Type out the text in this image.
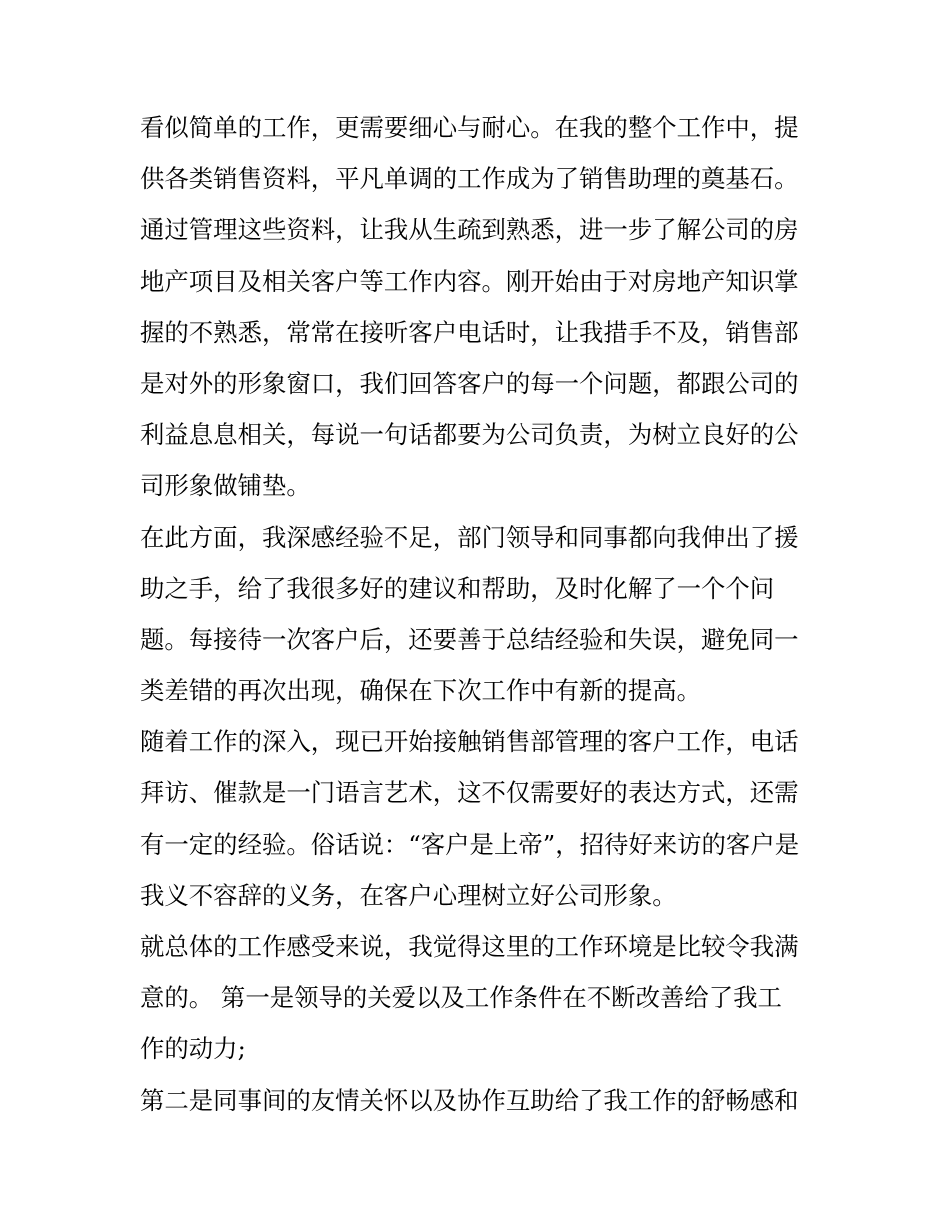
看似简单的工作，更需要细心与耐心。在我的整个工作中，提
供各类销售资料，平凡单调的工作成为了销售助理的奠基石。
通过管理这些资料，让我从生疏到熟悉，进一步了解公司的房
地产项目及相关客户等工作内容。刚开始由于对房地产知识掌
握的不熟悉，常常在接听客户电话时，让我措手不及，销售部
是对外的形象窗口，我们回答客户的每一个问题，都跟公司的
利益息息相关，每说一句话都要为公司负责，为树立良好的公
司形象做铺垫。
在此方面，我深感经验不足，部门领导和同事都向我伸出了援
助之手，给了我很多好的建议和帮助，及时化解了一个个问
题。每接待一次客户后，还要善于总结经验和失误，避免同一
类差错的再次出现，确保在下次工作中有新的提高。
随着工作的深入，现已开始接触销售部管理的客户工作，电话
拜访、催款是一门语言艺术，这不仅需要好的表达方式，还需
有一定的经验。俗话说：“客户是上帝”，招待好来访的客户是
我义不容辞的义务，在客户心理树立好公司形象。
就总体的工作感受来说，我觉得这里的工作环境是比较令我满
意的。 第一是领导的关爱以及工作条件在不断改善给了我工
作的动力;
第二是同事间的友情关怀以及协作互助给了我工作的舒畅感和
